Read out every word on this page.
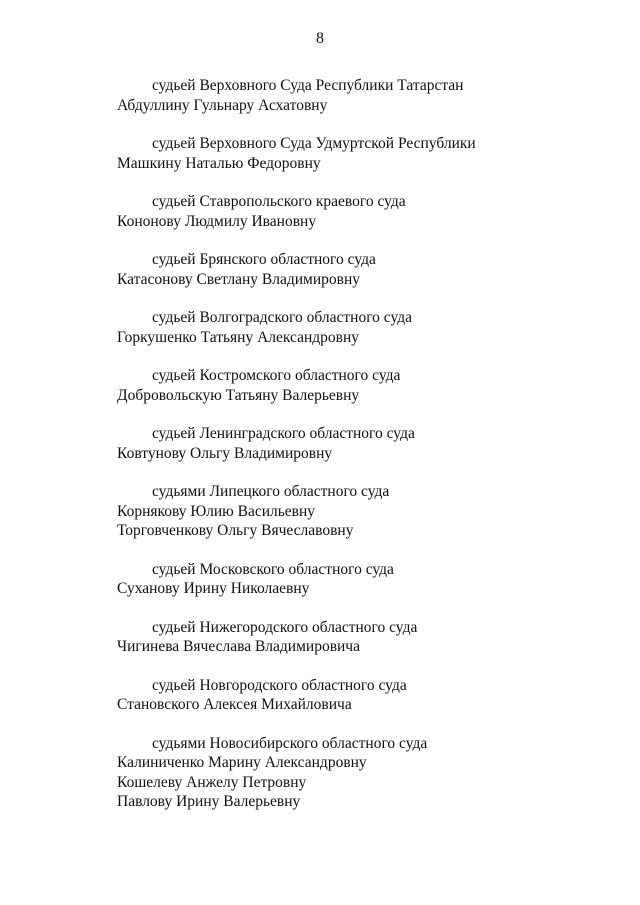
8
судьей Верховного Суда Республики Татарстан
Абдуллину Гульнару Асхатовну
судьей Верховного Суда Удмуртской Республики
Машкину Наталью Федоровну
судьей Ставропольского краевого суда
Кононову Людмилу Ивановну
судьей Брянского областного суда
Катасонову Светлану Владимировну
судьей Волгоградского областного суда
Горкушенко Татьяну Александровну
судьей Костромского областного суда
Добровольскую Татьяну Валерьевну
судьей Ленинградского областного суда
Ковтунову Ольгу Владимировну
судьями Липецкого областного суда
Корнякову Юлию Васильевну
Торговченкову Ольгу Вячеславовну
судьей Московского областного суда
Суханову Ирину Николаевну
судьей Нижегородского областного суда
Чигинева Вячеслава Владимировича
судьей Новгородского областного суда
Становского Алексея Михайловича
судьями Новосибирского областного суда
Калиниченко Марину Александровну
Кошелеву Анжелу Петровну
Павлову Ирину Валерьевну
